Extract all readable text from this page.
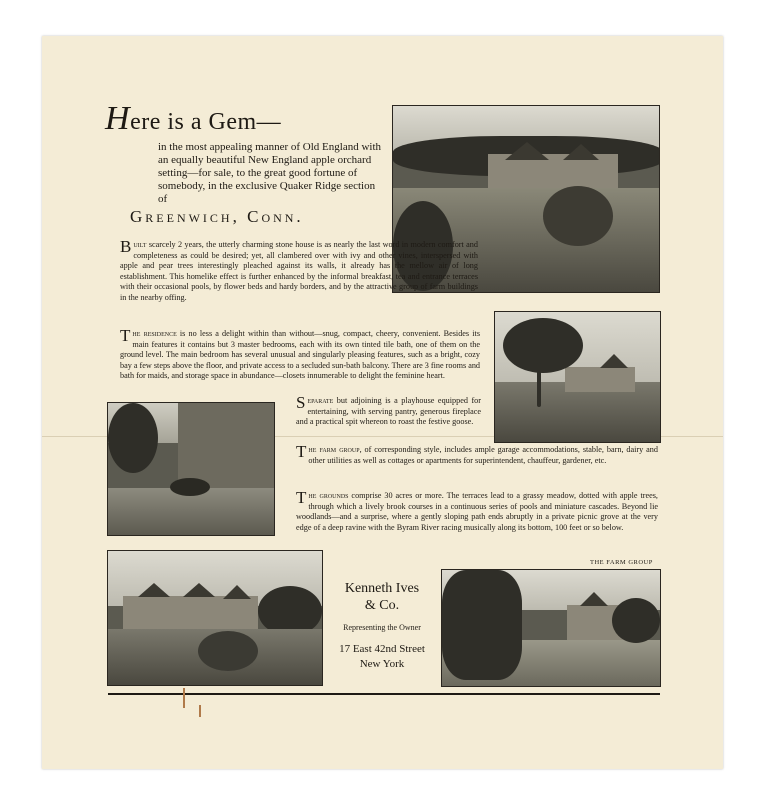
Here is a Gem—
in the most appealing manner of Old England with an equally beautiful New England apple orchard setting—for sale, to the great good fortune of somebody, in the exclusive Quaker Ridge section of
Greenwich, Conn.
Built scarcely 2 years, the utterly charming stone house is as nearly the last word in modern comfort and completeness as could be desired; yet, all clambered over with ivy and other vines, interspersed with apple and pear trees interestingly pleached against its walls, it already has the mellow air of long establishment. This homelike effect is further enhanced by the informal breakfast, tea and entrance terraces with their occasional pools, by flower beds and hardy borders, and by the attractive group of farm buildings in the nearby offing.
The residence is no less a delight within than without—snug, compact, cheery, convenient. Besides its main features it contains but 3 master bedrooms, each with its own tinted tile bath, one of them on the ground level. The main bedroom has several unusual and singularly pleasing features, such as a bright, cozy bay a few steps above the floor, and private access to a secluded sun-bath balcony. There are 3 fine rooms and bath for maids, and storage space in abundance—closets innumerable to delight the feminine heart.
Separate but adjoining is a playhouse equipped for entertaining, with serving pantry, generous fireplace and a practical spit whereon to roast the festive goose.
The farm group, of corresponding style, includes ample garage accommodations, stable, barn, dairy and other utilities as well as cottages or apartments for superintendent, chauffeur, gardener, etc.
The grounds comprise 30 acres or more. The terraces lead to a grassy meadow, dotted with apple trees, through which a lively brook courses in a continuous series of pools and miniature cascades. Beyond lie woodlands—and a surprise, where a gently sloping path ends abruptly in a private picnic grove at the very edge of a deep ravine with the Byram River racing musically along its bottom, 100 feet or so below.
Kenneth Ives
& Co.
Representing the Owner
17 East 42nd Street
New York
THE FARM GROUP
